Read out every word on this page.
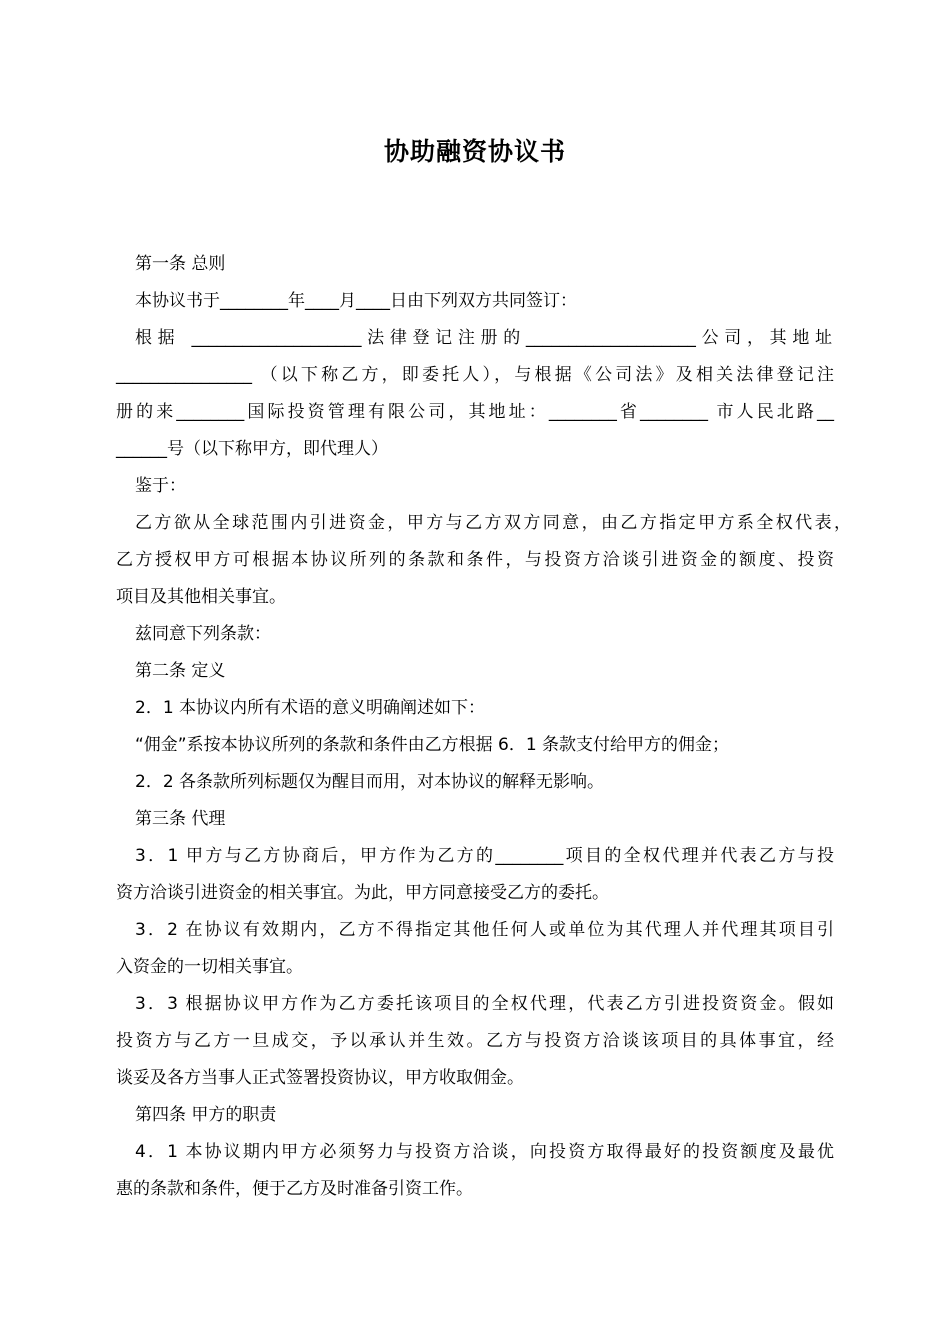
协助融资协议书
第一条 总则
本协议书于________年____月____日由下列双方共同签订：
根据 ____________________法律登记注册的____________________公司，其地址
________________ （以下称乙方，即委托人），与根据《公司法》及相关法律登记注
册的来________国际投资管理有限公司，其地址：________省________ 市人民北路__
______号（以下称甲方，即代理人）
鉴于：
乙方欲从全球范围内引进资金，甲方与乙方双方同意，由乙方指定甲方系全权代表，
乙方授权甲方可根据本协议所列的条款和条件，与投资方洽谈引进资金的额度、投资
项目及其他相关事宜。
兹同意下列条款：
第二条 定义
2．1 本协议内所有术语的意义明确阐述如下：
“佣金”系按本协议所列的条款和条件由乙方根据 6．1 条款支付给甲方的佣金；
2．2 各条款所列标题仅为醒目而用，对本协议的解释无影响。
第三条 代理
3．1 甲方与乙方协商后，甲方作为乙方的________项目的全权代理并代表乙方与投
资方洽谈引进资金的相关事宜。为此，甲方同意接受乙方的委托。
3．2 在协议有效期内，乙方不得指定其他任何人或单位为其代理人并代理其项目引
入资金的一切相关事宜。
3．3 根据协议甲方作为乙方委托该项目的全权代理，代表乙方引进投资资金。假如
投资方与乙方一旦成交，予以承认并生效。乙方与投资方洽谈该项目的具体事宜，经
谈妥及各方当事人正式签署投资协议，甲方收取佣金。
第四条 甲方的职责
4．1 本协议期内甲方必须努力与投资方洽谈，向投资方取得最好的投资额度及最优
惠的条款和条件，便于乙方及时准备引资工作。
